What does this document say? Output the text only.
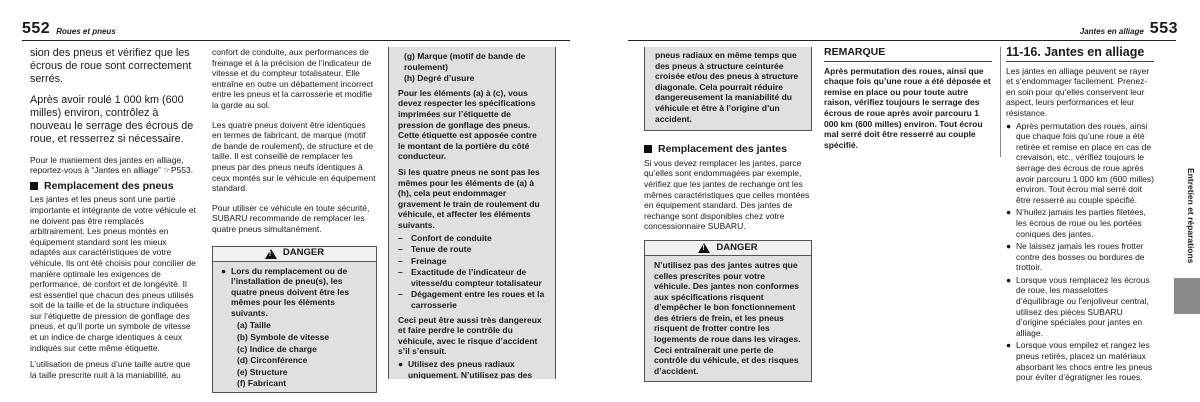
552 Roues et pneus

sion des pneus et vérifiez que les écrous de roue sont correctement serrés.

Après avoir roulé 1 000 km (600 milles) environ, contrôlez à nouveau le serrage des écrous de roue, et resserrez si nécessaire.

Pour le maniement des jantes en alliage, reportez-vous à “Jantes en alliage” ☞P553.

Remplacement des pneus

Les jantes et les pneus sont une partie importante et intégrante de votre véhicule et ne doivent pas être remplacés arbitrairement. Les pneus montés en équipement standard sont les mieux adaptés aux caractéristiques de votre véhicule. Ils ont été choisis pour concilier de manière optimale les exigences de performance, de confort et de longévité. Il est essentiel que chacun des pneus utilisés soit de la taille et de la structure indiquées sur l’étiquette de pression de gonflage des pneus, et qu’il porte un symbole de vitesse et un indice de charge identiques à ceux indiqués sur cette même étiquette.

L’utilisation de pneus d’une taille autre que la taille prescrite nuit à la maniabilité, au

confort de conduite, aux performances de freinage et à la précision de l’indicateur de vitesse et du compteur totalisateur. Elle entraîne en outre un débattement incorrect entre les pneus et la carrosserie et modifie la garde au sol.

Les quatre pneus doivent être identiques en termes de fabricant, de marque (motif de bande de roulement), de structure et de taille. Il est conseillé de remplacer les pneus par des pneus neufs identiques à ceux montés sur le véhicule en équipement standard.

Pour utiliser ce véhicule en toute sécurité, SUBARU recommande de remplacer les quatre pneus simultanément.

!
DANGER
● Lors du remplacement ou de l’installation de pneu(s), les quatre pneus doivent être les mêmes pour les éléments suivants.

(a) Taille

(b) Symbole de vitesse

(c) Indice de charge

(d) Circonférence

(e) Structure

(f) Fabricant

(g) Marque (motif de bande de roulement)

(h) Degré d’usure

Pour les éléments (a) à (c), vous devez respecter les spécifications imprimées sur l’étiquette de pression de gonflage des pneus. Cette étiquette est apposée contre le montant de la portière du côté conducteur.

Si les quatre pneus ne sont pas les mêmes pour les éléments de (a) à (h), cela peut endommager gravement le train de roulement du véhicule, et affecter les éléments suivants.

– Confort de conduite
– Tenue de route
– Freinage
– Exactitude de l’indicateur de vitesse/du compteur totalisateur
– Dégagement entre les roues et la carrosserie

Ceci peut être aussi très dangereux et faire perdre le contrôle du véhicule, avec le risque d’accident s’il s’ensuit.

● Utilisez des pneus radiaux uniquement. N’utilisez pas des
Jantes en alliage 553

pneus radiaux en même temps que des pneus à structure ceinturée croisée et/ou des pneus à structure diagonale. Cela pourrait réduire dangereusement la maniabilité du véhicule et être à l’origine d’un accident.

Remplacement des jantes

Si vous devez remplacer les jantes, parce qu’elles sont endommagées par exemple, vérifiez que les jantes de rechange ont les mêmes caractéristiques que celles montées en équipement standard. Des jantes de rechange sont disponibles chez votre concessionnaire SUBARU.

!
DANGER

N’utilisez pas des jantes autres que celles prescrites pour votre véhicule. Des jantes non conformes aux spécifications risquent d’empêcher le bon fonctionnement des étriers de frein, et les pneus risquent de frotter contre les logements de roue dans les virages. Ceci entraînerait une perte de contrôle du véhicule, et des risques d’accident.

REMARQUE

Après permutation des roues, ainsi que chaque fois qu’une roue a été déposée et remise en place ou pour toute autre raison, vérifiez toujours le serrage des écrous de roue après avoir parcouru 1 000 km (600 milles) environ. Tout écrou mal serré doit être resserré au couple spécifié.

11-16. Jantes en alliage

Les jantes en alliage peuvent se rayer et s’endommager facilement. Prenez-en soin pour qu’elles conservent leur aspect, leurs performances et leur résistance.

● Après permutation des roues, ainsi que chaque fois qu’une roue a été retirée et remise en place en cas de crevaison, etc., vérifiez toujours le serrage des écrous de roue après avoir parcouru 1 000 km (600 milles) environ. Tout écrou mal serré doit être resserré au couple spécifié.
● N’huilez jamais les parties filetées, les écrous de roue ou les portées coniques des jantes.
● Ne laissez jamais les roues frotter contre des bosses ou bordures de trottoir.
● Lorsque vous remplacez les écrous de roue, les masselottes d’équilibrage ou l’enjoliveur central, utilisez des pièces SUBARU d’origine spéciales pour jantes en alliage.
● Lorsque vous empilez et rangez les pneus retirés, placez un matériaux absorbant les chocs entre les pneus pour éviter d’égratigner les roues.
Entretien et réparations
